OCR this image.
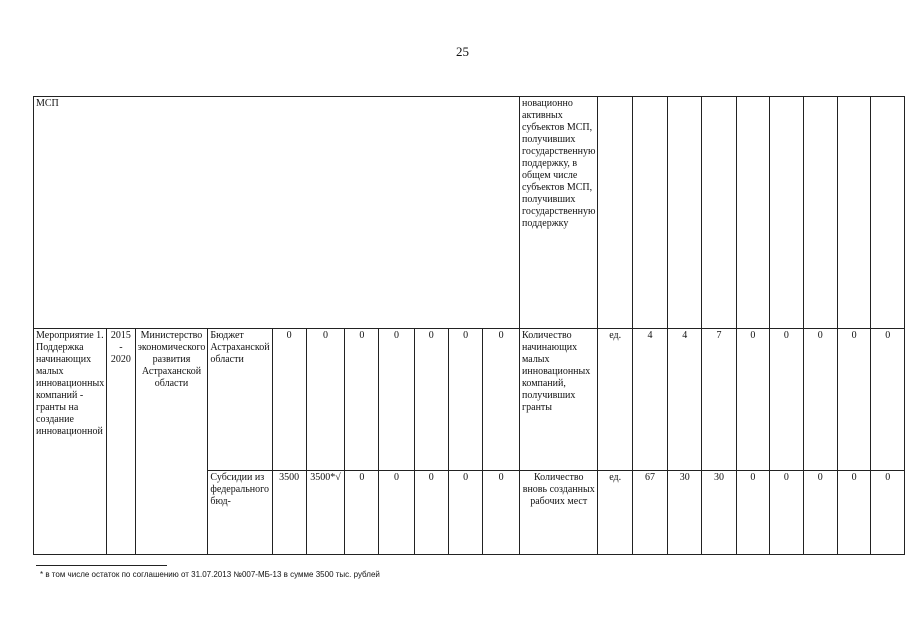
25
МСП											новационно активных субъектов МСП, получивших государственную поддержку, в общем числе субъектов МСП, получивших государственную поддержку									
Мероприятие 1. Поддержка начинающих малых инновационных компаний - гранты на создание инновационной	2015 - 2020	Министерство экономического развития Астраханской области	Бюджет Астраханской области	0	0	0	0	0	0	0	Количество начинающих малых инновационных компаний, получивших гранты	ед.	4	4	7	0	0	0	0	0
			Субсидии из федерального бюд-	3500	3500*√	0	0	0	0	0	Количество вновь созданных рабочих мест	ед.	67	30	30	0	0	0	0	0
* в том числе остаток по соглашению от 31.07.2013 №007-МБ-13 в сумме 3500 тыс. рублей
